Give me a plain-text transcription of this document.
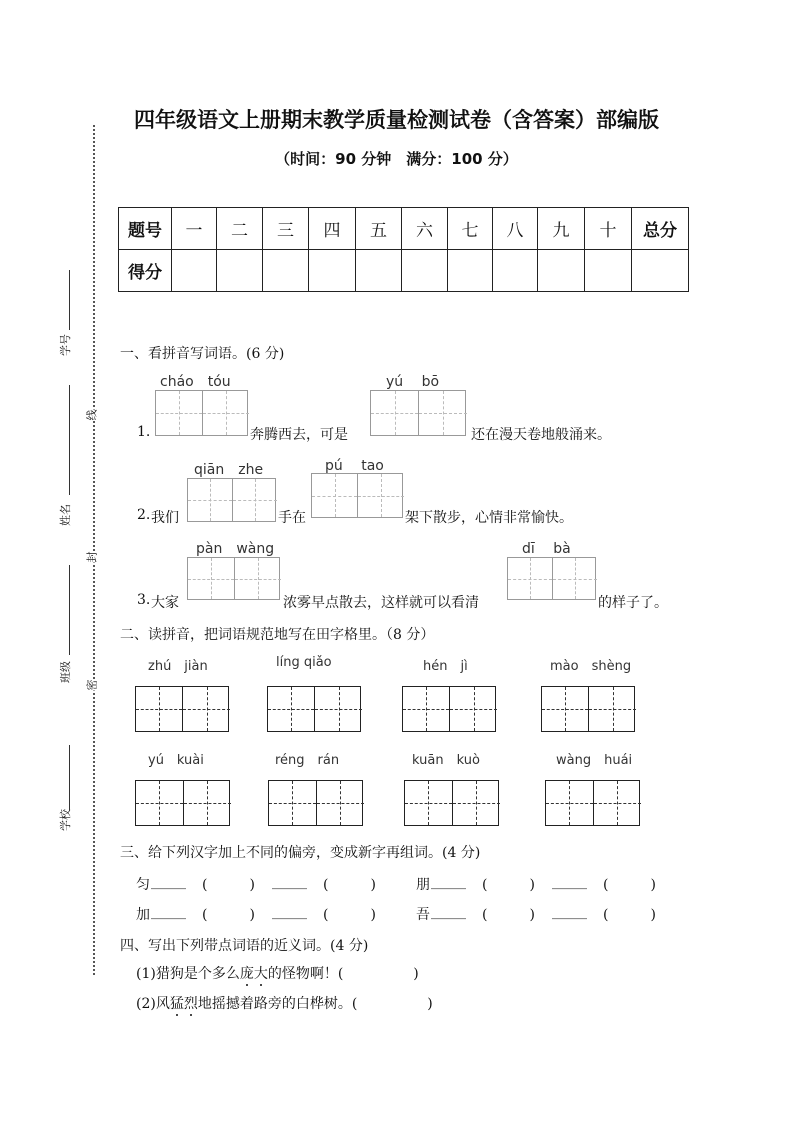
四年级语文上册期末教学质量检测试卷（含答案）部编版
（时间：90 分钟　满分：100 分）
题号	一	二	三	四	五	六	七	八	九	十	总分
得分											
学号
姓名
班级
学校
线
封
密
一、看拼音写词语。(6 分)
1.
cháo　tóu	yú　 bō
奔腾西去，可是	还在漫天卷地般涌来。
2. 我们
qiān　zhe	pú　 tao
手在	架下散步，心情非常愉快。
3. 大家
pàn　wàng	dī　 bà
浓雾早点散去，这样就可以看清	的样子了。
二、读拼音，把词语规范地写在田字格里。（8 分）
zhú　jiàn	líng qiǎo	hén　jì	mào　shèng
yú　kuài	réng　rán	kuān　kuò	wàng　huái
三、给下列汉字加上不同的偏旁，变成新字再组词。(4 分)
匀 _____ (　　　) _____ (　　　)	朋 _____ (　　　) _____ (　　　)
加 _____ (　　　) _____ (　　　)	吾 _____ (　　　) _____ (　　　)
四、写出下列带点词语的近义词。(4 分)
(1)猎狗是个多么庞大的怪物啊！(　　　　　)
(2)风猛烈地摇撼着路旁的白桦树。(　　　　　)
